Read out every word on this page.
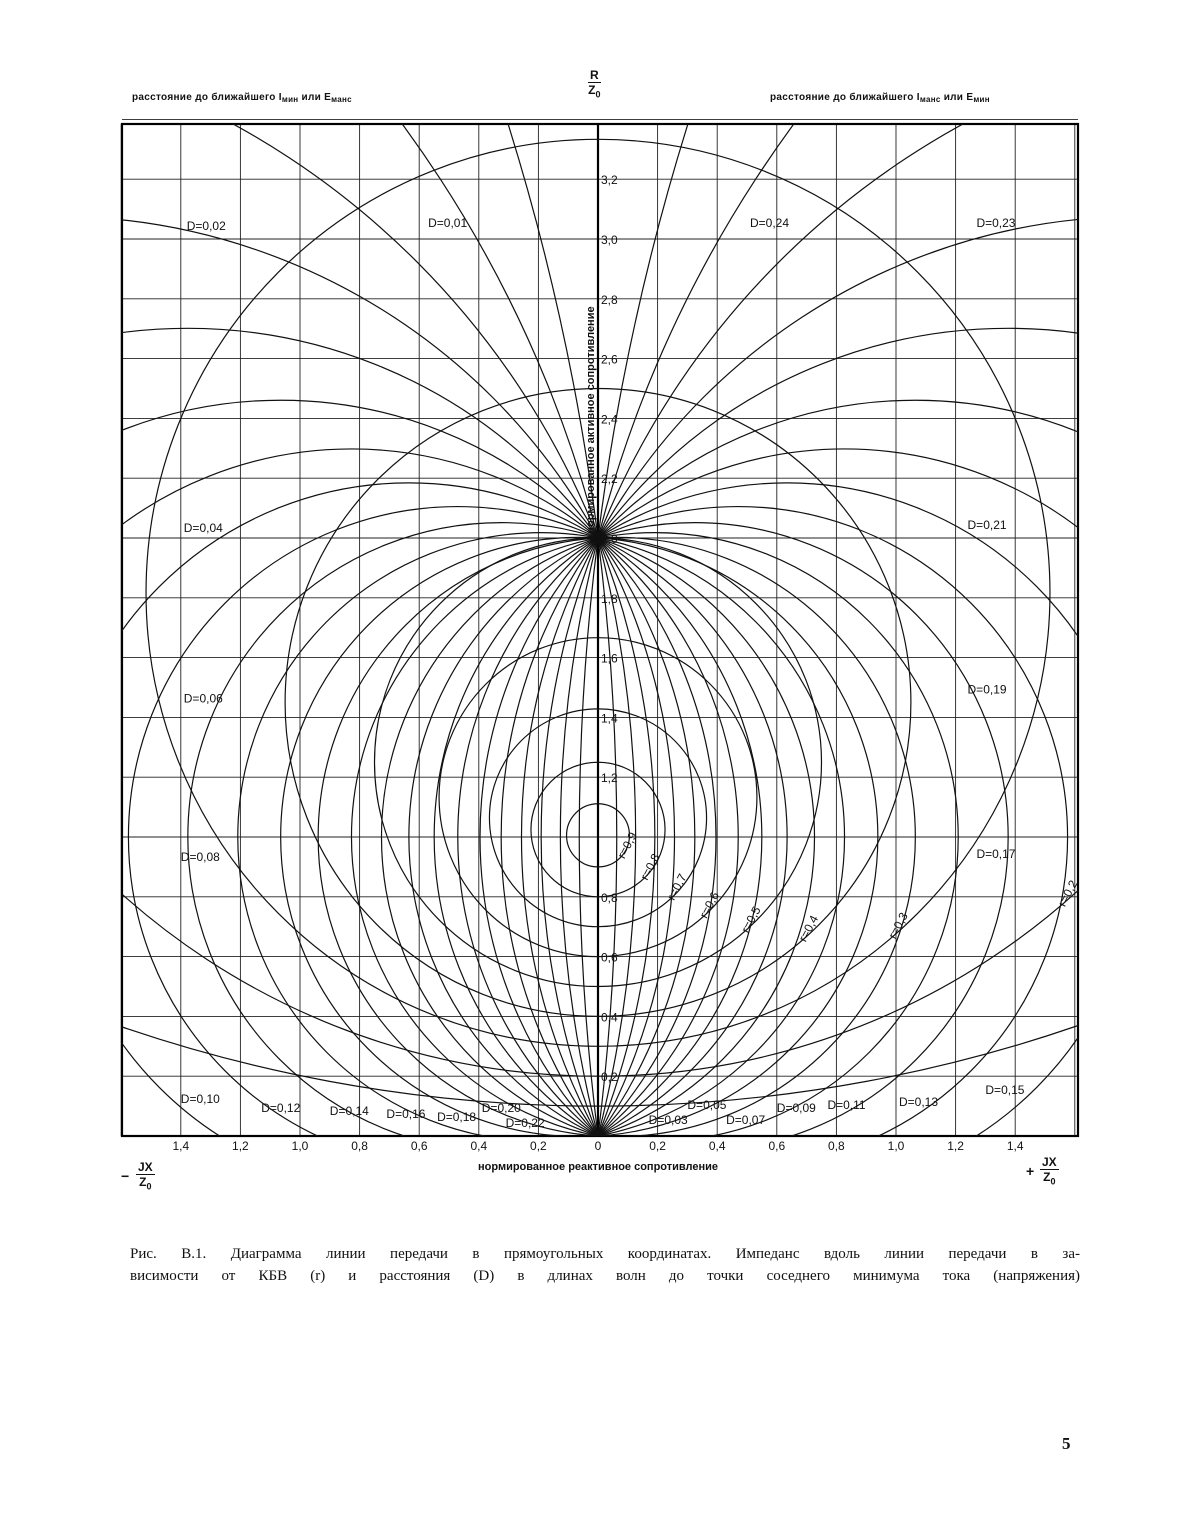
расстояние до ближайшего $I_{мин}$ или $E_{манс}$	расстояние до ближайшего $I_{манс}$ или $E_{мин}$
$\frac{R}{Z_0}$
− $\frac{JX}{Z_0}$	+ $\frac{JX}{Z_0}$
0,2
0,4
0,6
0,8
1,2
1,4
1,6
1,8
2,0
2,2
2,4
2,6
2,8
3,0
3,2
1,4	1,2	1,0	0,8	0,6	0,4	0,2	0	0,2	0,4	0,6	0,8	1,0	1,2	1,4
нормированное реактивное сопротивление
нормированное активное сопротивление
r=0,9
r=0,8
r=0,7
r=0,6 r=0,5	r=0,4	r=0,3
r=0,2
D=0,01
D=0,02
D=0,03
D=0,04
D=0,05
D=0,06
D=0,07
D=0,08
D=0,09
D=0,10	D=0,11
D=0,12	D=0,13
D=0,14
D=0,15
D=0,16
D=0,17
D=0,18
D=0,19
D=0,20
D=0,21
D=0,22
D=0,23
D=0,24
Рис. В.1. Диаграмма линии передачи в прямоугольных координатах. Импеданс вдоль линии передачи в за-
висимости от КБВ (r) и расстояния (D) в длинах волн до точки соседнего минимума тока (напряжения)
5
